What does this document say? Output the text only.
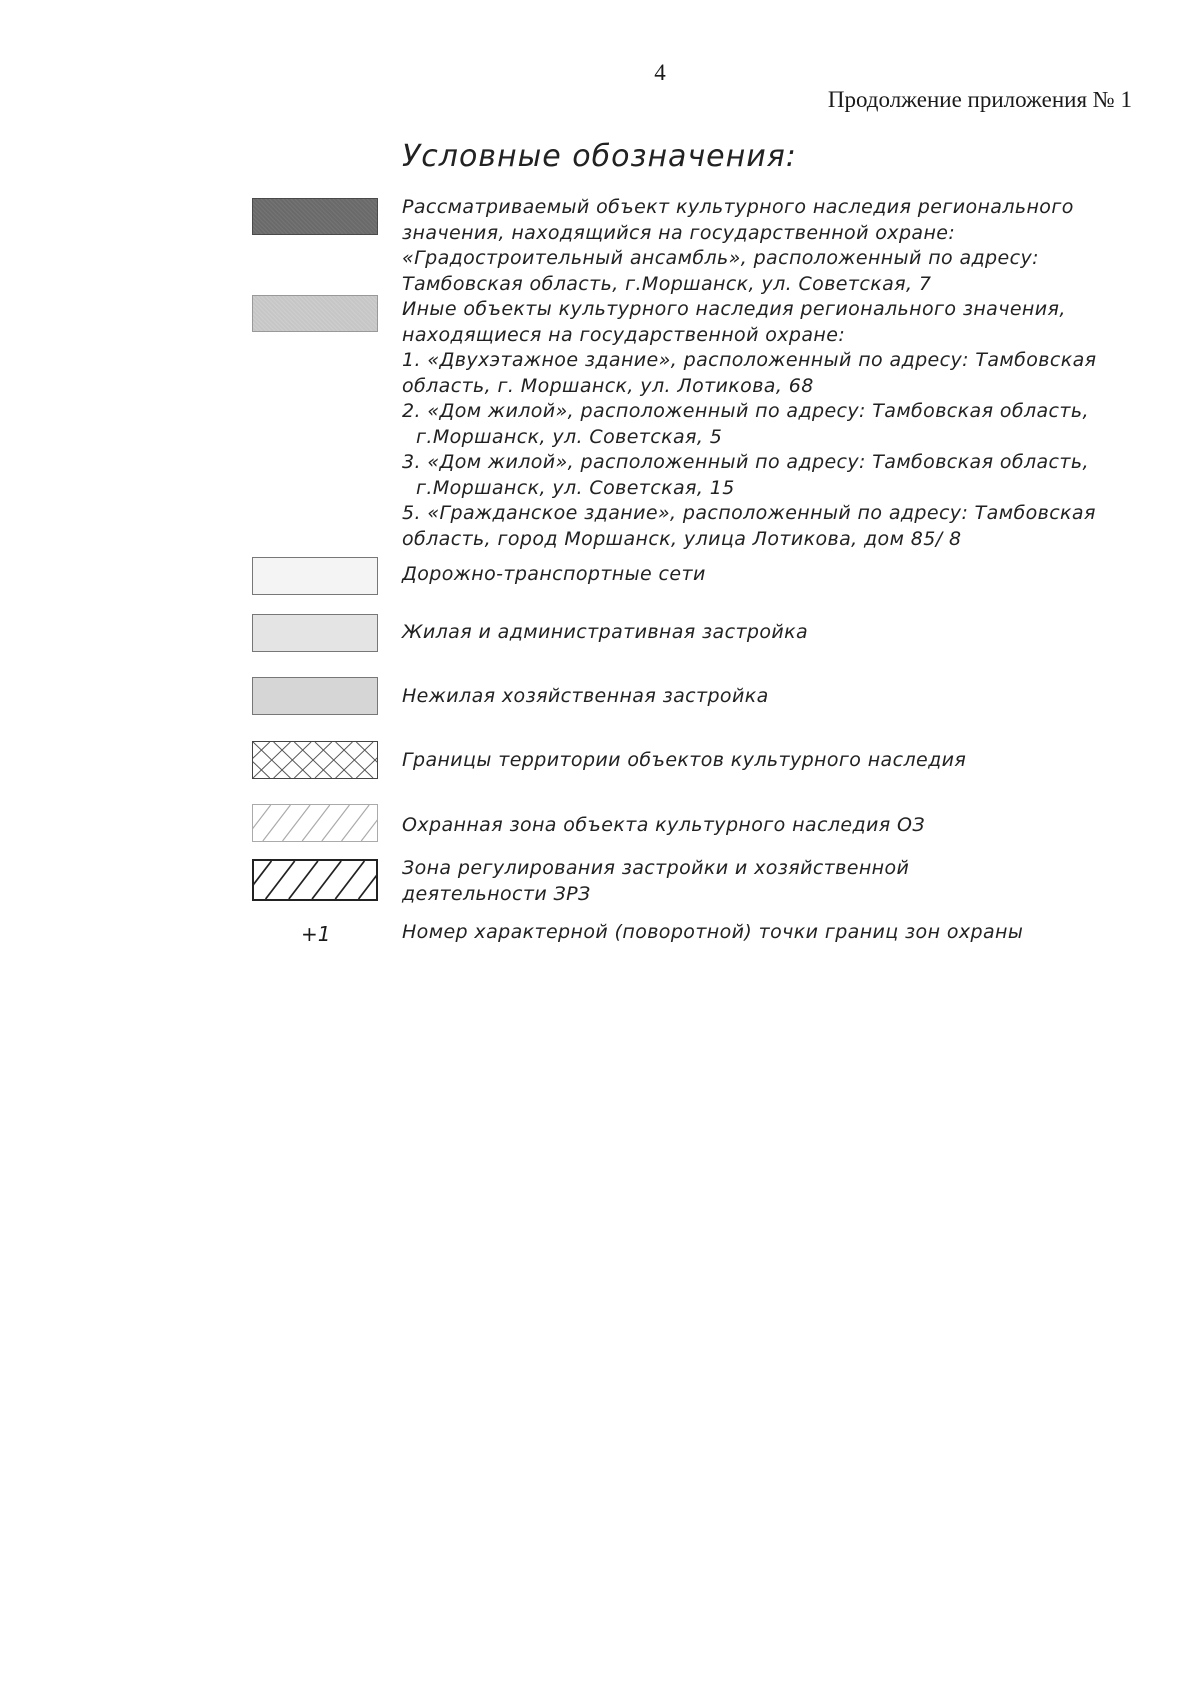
4
Продолжение приложения № 1
Условные обозначения:
+1
Рассматриваемый объект культурного наследия регионального
значения, находящийся на государственной охране:
«Градостроительный ансамбль», расположенный по адресу:
Тамбовская область, г.Моршанск, ул. Советская, 7
Иные объекты культурного наследия регионального значения,
находящиеся на государственной охране:
1. «Двухэтажное здание», расположенный по адресу: Тамбовская
область, г. Моршанск, ул. Лотикова, 68
2. «Дом жилой», расположенный по адресу: Тамбовская область,
г.Моршанск, ул. Советская, 5
3. «Дом жилой», расположенный по адресу: Тамбовская область,
г.Моршанск, ул. Советская, 15
5. «Гражданское здание», расположенный по адресу: Тамбовская
область, город Моршанск, улица Лотикова, дом 85/ 8
Дорожно-транспортные сети
Жилая и административная застройка
Нежилая хозяйственная застройка
Границы территории объектов культурного наследия
Охранная зона объекта культурного наследия ОЗ
Зона регулирования застройки и хозяйственной
деятельности ЗРЗ
Номер характерной (поворотной) точки границ зон охраны
